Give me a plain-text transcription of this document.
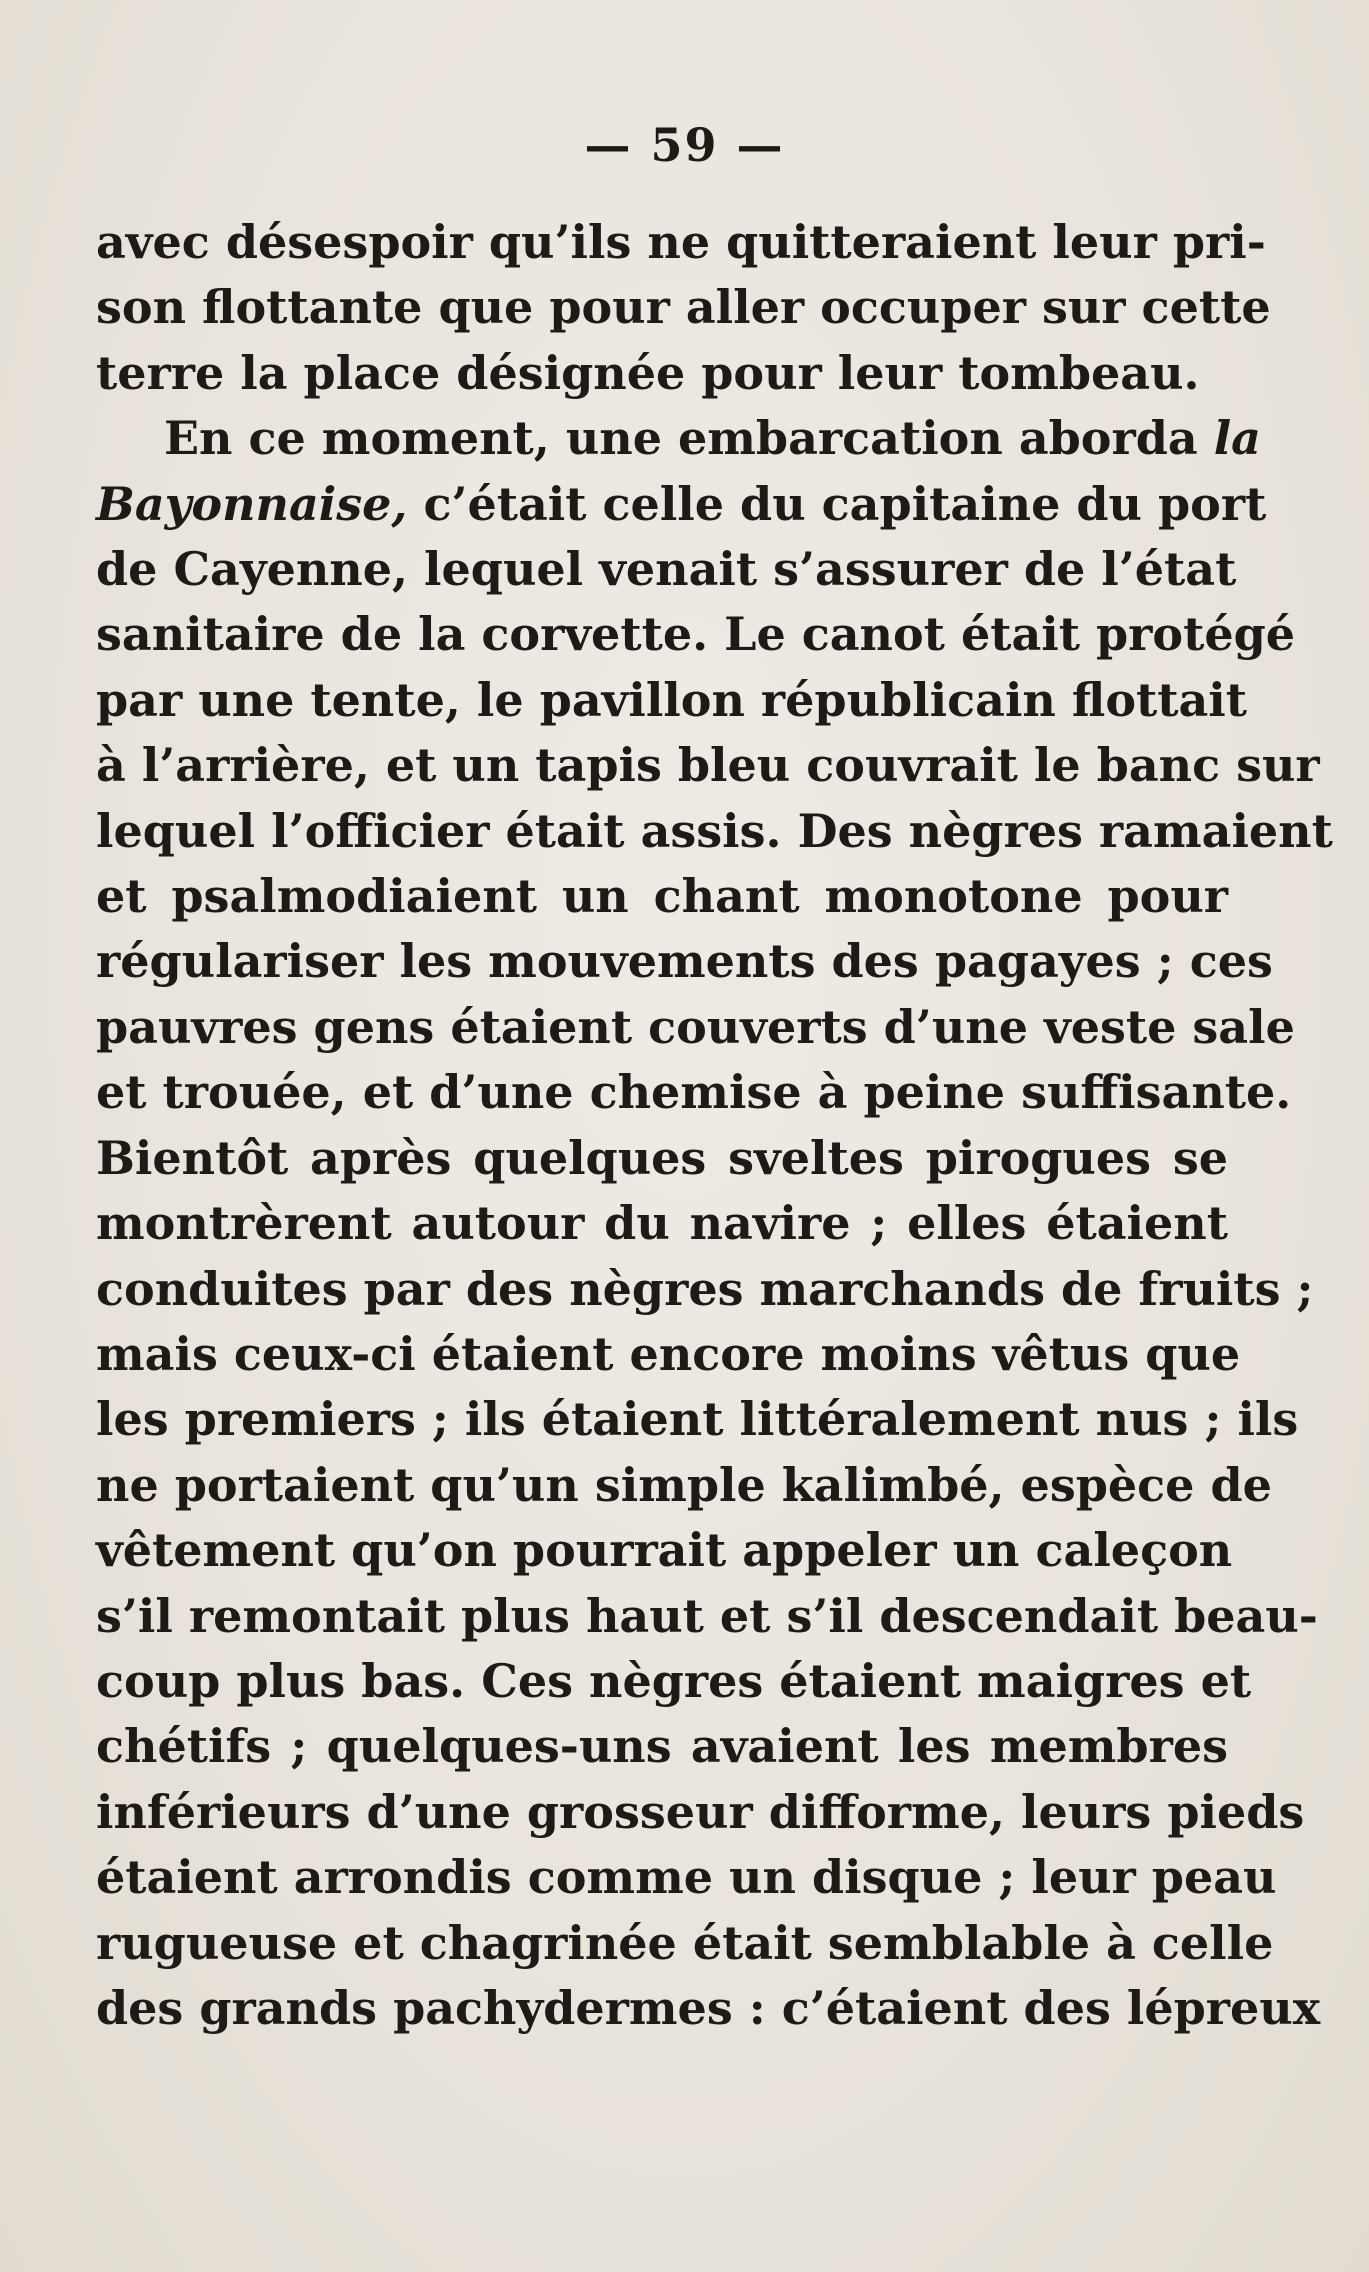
— 59 —
avec désespoir qu’ils ne quitteraient leur pri-
son flottante que pour aller occuper sur cette
terre la place désignée pour leur tombeau.
En ce moment, une embarcation aborda la
Bayonnaise, c’était celle du capitaine du port
de Cayenne, lequel venait s’assurer de l’état
sanitaire de la corvette. Le canot était protégé
par une tente, le pavillon républicain flottait
à l’arrière, et un tapis bleu couvrait le banc sur
lequel l’officier était assis. Des nègres ramaient
et psalmodiaient un chant monotone pour
régulariser les mouvements des pagayes ; ces
pauvres gens étaient couverts d’une veste sale
et trouée, et d’une chemise à peine suffisante.
Bientôt après quelques sveltes pirogues se
montrèrent autour du navire ; elles étaient
conduites par des nègres marchands de fruits ;
mais ceux-ci étaient encore moins vêtus que
les premiers ; ils étaient littéralement nus ; ils
ne portaient qu’un simple kalimbé, espèce de
vêtement qu’on pourrait appeler un caleçon
s’il remontait plus haut et s’il descendait beau-
coup plus bas. Ces nègres étaient maigres et
chétifs ; quelques-uns avaient les membres
inférieurs d’une grosseur difforme, leurs pieds
étaient arrondis comme un disque ; leur peau
rugueuse et chagrinée était semblable à celle
des grands pachydermes : c’étaient des lépreux
